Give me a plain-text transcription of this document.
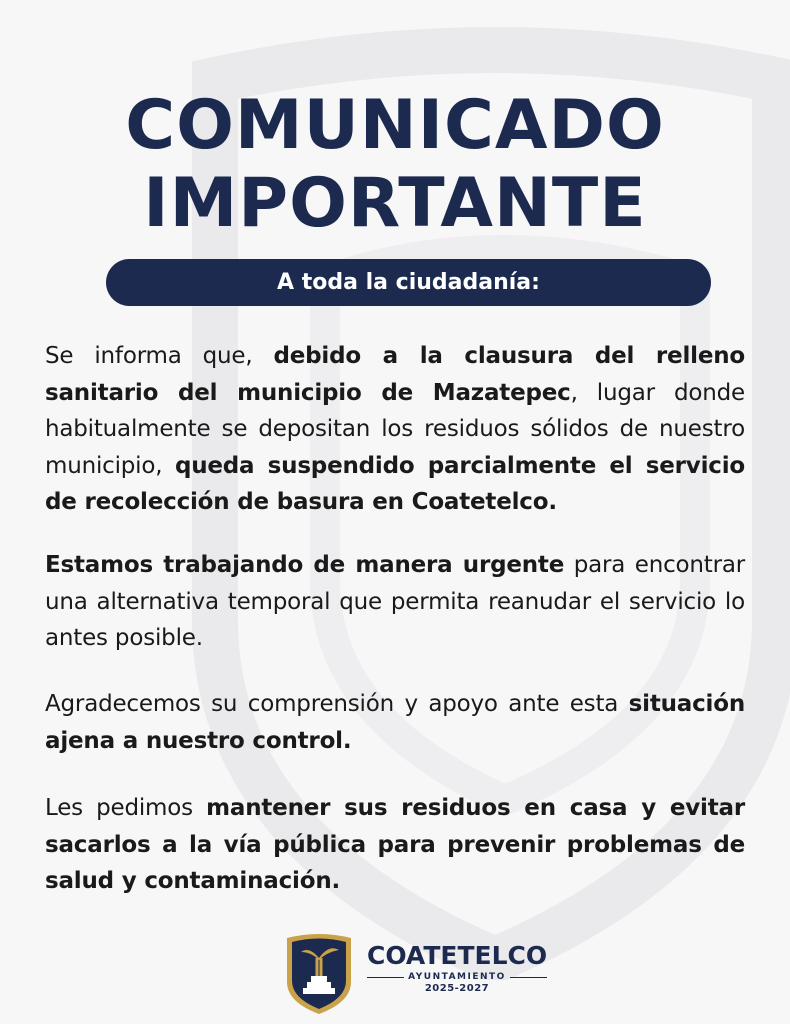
COMUNICADO
IMPORTANTE
A toda la ciudadanía:

Se informa que, debido a la clausura del relleno sanitario del municipio de Mazatepec, lugar donde habitualmente se depositan los residuos sólidos de nuestro municipio, queda suspendido parcialmente el servicio de recolección de basura en Coatetelco.

Estamos trabajando de manera urgente para encontrar una alternativa temporal que permita reanudar el servicio lo antes posible.

Agradecemos su comprensión y apoyo ante esta situación ajena a nuestro control.

Les pedimos mantener sus residuos en casa y evitar sacarlos a la vía pública para prevenir problemas de salud y contaminación.

COATETELCO
AYUNTAMIENTO
2025-2027
